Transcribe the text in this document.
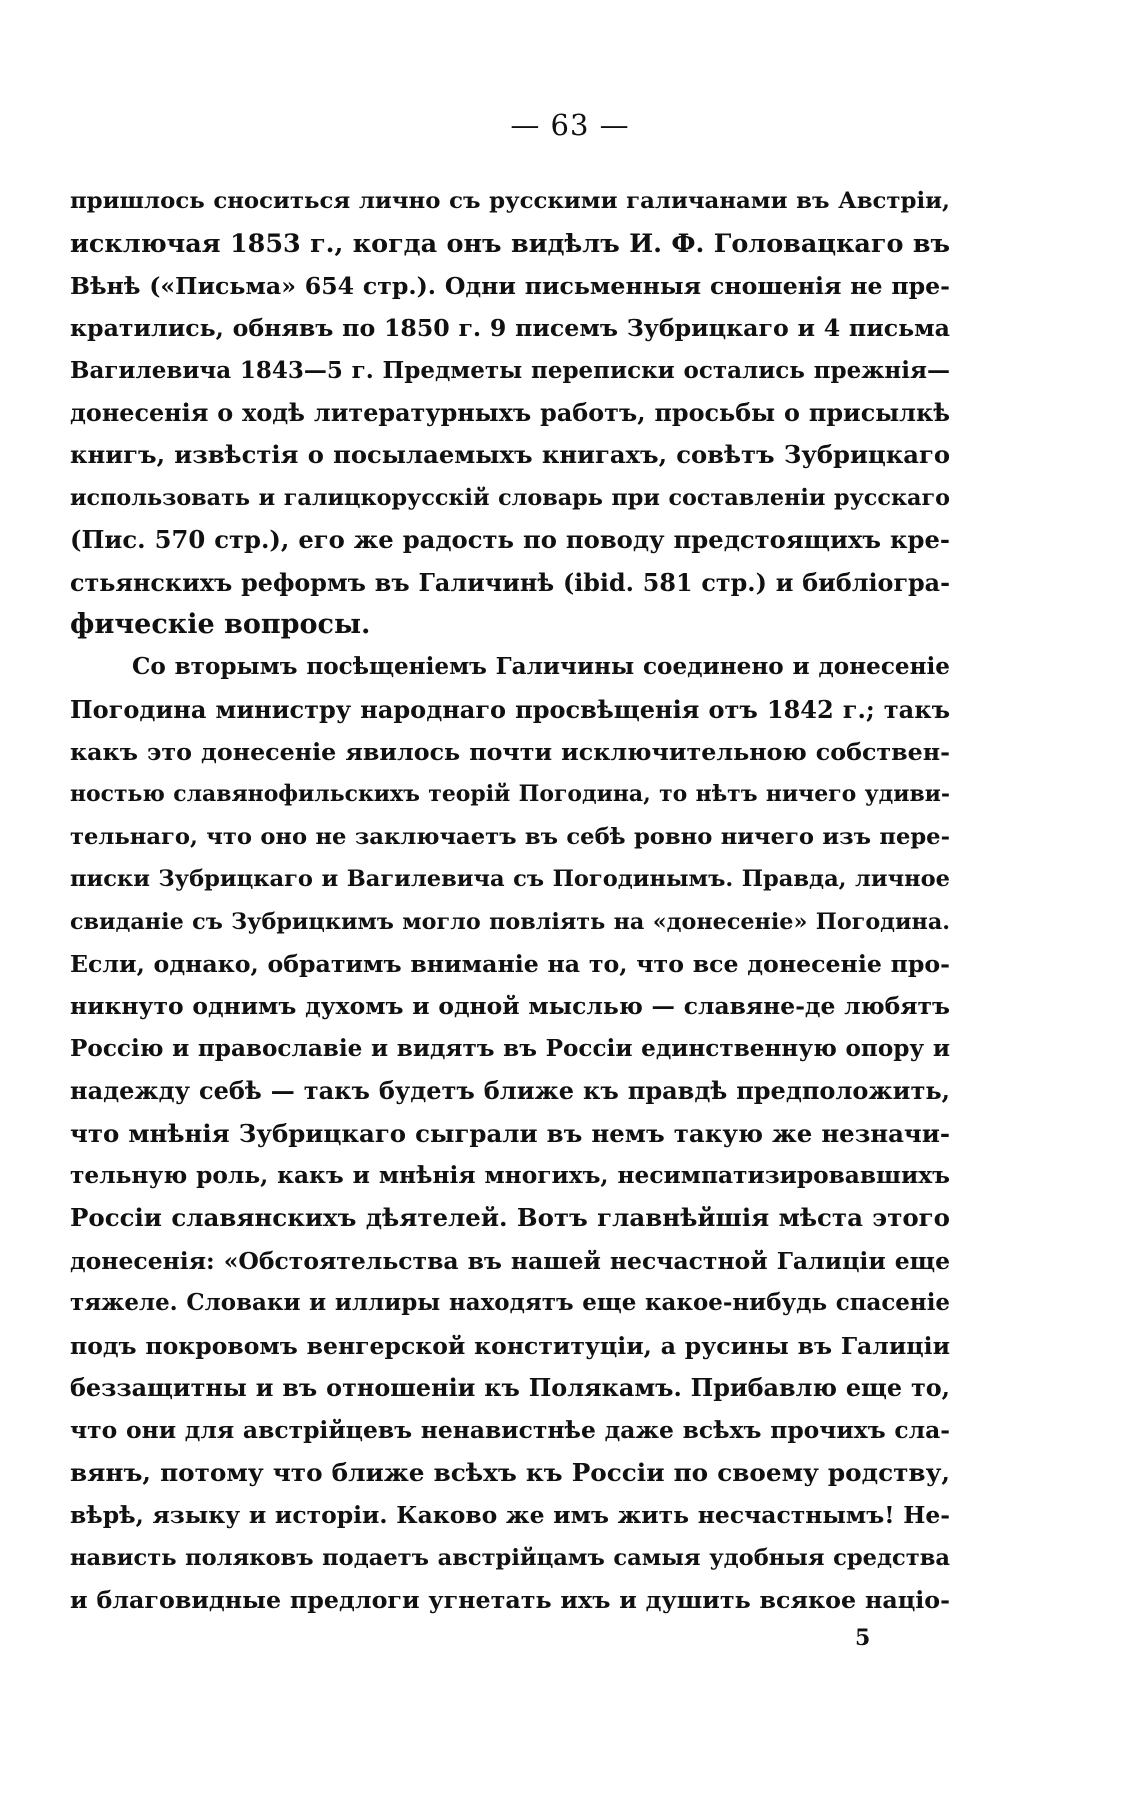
— 63 —
пришлось сноситься лично съ русскими галичанами въ Австріи,
исключая 1853 г., когда онъ видѣлъ И. Ф. Головацкаго въ
Вѣнѣ («Письма» 654 стр.). Одни письменныя сношенія не пре-
кратились, обнявъ по 1850 г. 9 писемъ Зубрицкаго и 4 письма
Вагилевича 1843—5 г. Предметы переписки остались прежнія—
донесенія о ходѣ литературныхъ работъ, просьбы о присылкѣ
книгъ, извѣстія о посылаемыхъ книгахъ, совѣтъ Зубрицкаго
использовать и галицкорусскій словарь при составленіи русскаго
(Пис. 570 стр.), его же радость по поводу предстоящихъ кре-
стьянскихъ реформъ въ Галичинѣ (ibid. 581 стр.) и библіогра-
фическіе вопросы.
Со вторымъ посѣщеніемъ Галичины соединено и донесеніе
Погодина министру народнаго просвѣщенія отъ 1842 г.; такъ
какъ это донесеніе явилось почти исключительною собствен-
ностью славянофильскихъ теорій Погодина, то нѣтъ ничего удиви-
тельнаго, что оно не заключаетъ въ себѣ ровно ничего изъ пере-
писки Зубрицкаго и Вагилевича съ Погодинымъ. Правда, личное
свиданіе съ Зубрицкимъ могло повліять на «донесеніе» Погодина.
Если, однако, обратимъ вниманіе на то, что все донесеніе про-
никнуто однимъ духомъ и одной мыслью — славяне-де любятъ
Россію и православіе и видятъ въ Россіи единственную опору и
надежду себѣ — такъ будетъ ближе къ правдѣ предположить,
что мнѣнія Зубрицкаго сыграли въ немъ такую же незначи-
тельную роль, какъ и мнѣнія многихъ, несимпатизировавшихъ
Россіи славянскихъ дѣятелей. Вотъ главнѣйшія мѣста этого
донесенія: «Обстоятельства въ нашей несчастной Галиціи еще
тяжеле. Словаки и иллиры находятъ еще какое-нибудь спасеніе
подъ покровомъ венгерской конституціи, а русины въ Галиціи
беззащитны и въ отношеніи къ Полякамъ. Прибавлю еще то,
что они для австрійцевъ ненавистнѣе даже всѣхъ прочихъ сла-
вянъ, потому что ближе всѣхъ къ Россіи по своему родству,
вѣрѣ, языку и исторіи. Каково же имъ жить несчастнымъ! Не-
нависть поляковъ подаетъ австрійцамъ самыя удобныя средства
и благовидные предлоги угнетать ихъ и душить всякое націо-
5
